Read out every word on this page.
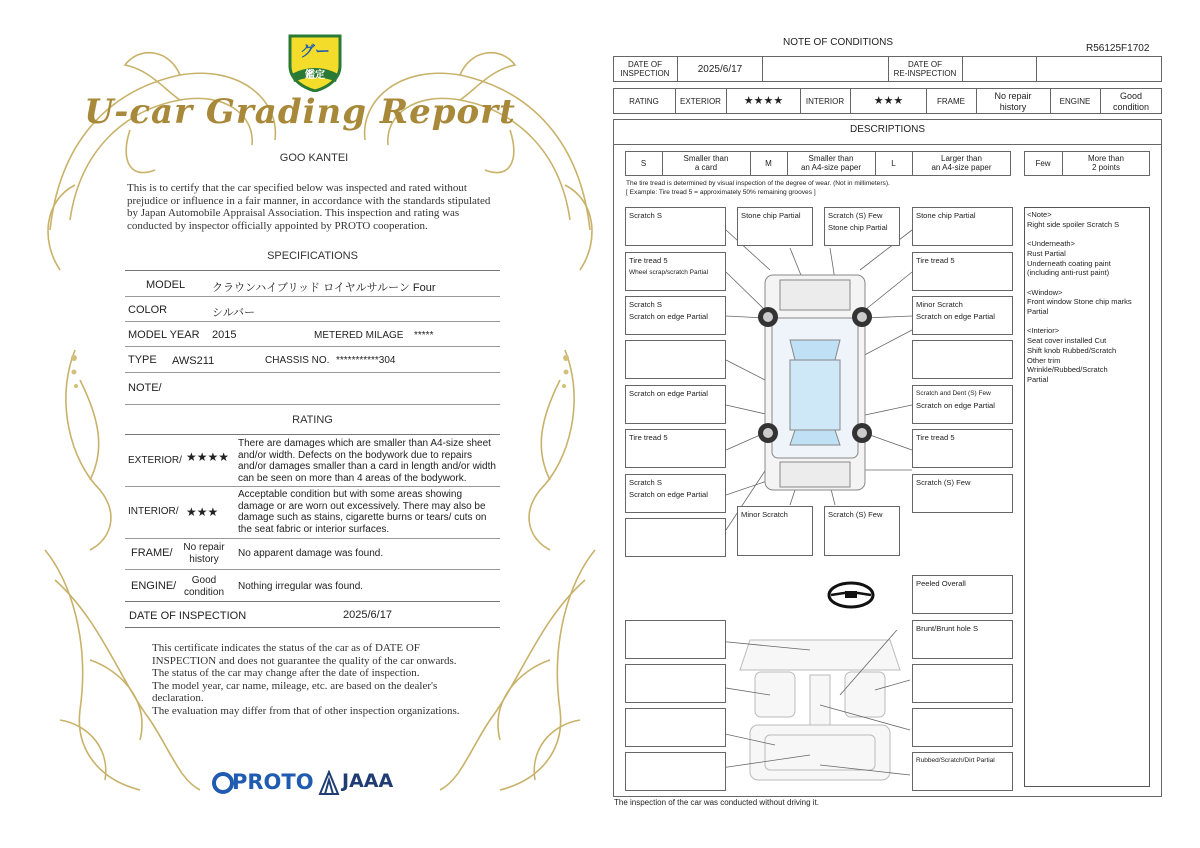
グー
鑑定
U-car Grading Report
GOO KANTEI
This is to certify that the car specified below was inspected and rated without prejudice or influence in a fair manner, in accordance with the standards stipulated by Japan Automobile Appraisal Association. This inspection and rating was conducted by inspector officially appointed by PROTO cooperation.
SPECIFICATIONS
MODEL クラウンハイブリッド ロイヤルサルーン Four
COLOR	シルバー
MODEL YEAR 2015	METERED MILAGE *****
TYPE AWS211	CHASSIS NO. ***********304
NOTE/
RATING
EXTERIOR/ ★★★★
There are damages which are smaller than A4-size sheet and/or width. Defects on the bodywork due to repairs and/or damages smaller than a card in length and/or width can be seen on more than 4 areas of the bodywork.
INTERIOR/ ★★★
Acceptable condition but with some areas showing damage or are worn out excessively. There may also be damage such as stains, cigarette burns or tears/ cuts on the seat fabric or interior surfaces.
FRAME/	No repair
history
No apparent damage was found.
ENGINE/	Good
condition
Nothing irregular was found.
DATE OF INSPECTION	2025/6/17
This certificate indicates the status of the car as of DATE OF
INSPECTION and does not guarantee the quality of the car onwards.
The status of the car may change after the date of inspection.
The model year, car name, mileage, etc. are based on the dealer's
declaration.
The evaluation may differ from that of other inspection organizations.
PROTO JAAA
NOTE OF CONDITIONS
R56125F1702
DATE OF
INSPECTION	2025/6/17	DATE OF
RE-INSPECTION
RATING	EXTERIOR	★★★★	INTERIOR	★★★	FRAME
No repair
history	ENGINE
Good
condition
DESCRIPTIONS
S
Smaller than
a card	M
Smaller than
an A4-size paper	L
Larger than
an A4-size paper	Few
More than
2 points
The tire tread is determined by visual inspection of the degree of wear. (Not in millimeters).
[ Example: Tire tread 5 = approximately 50% remaining grooves ]
<Note>
Right side spoiler Scratch S

<Underneath>
Rust Partial
Underneath coating paint
(including anti-rust paint)

<Window>
Front window Stone chip marks
Partial

<Interior>
Seat cover installed Cut
Shift knob Rubbed/Scratch
Other trim
Wrinkle/Rubbed/Scratch
Partial
Scratch S
Tire tread 5
Wheel scrap/scratch Partial
Scratch S
Scratch on edge Partial
Scratch on edge Partial
Tire tread 5
Scratch S
Scratch on edge Partial
Stone chip Partial	Scratch (S) Few
Stone chip Partial
Stone chip Partial
Tire tread 5
Minor Scratch
Scratch on edge Partial
Scratch and Dent (S) Few
Scratch on edge Partial
Tire tread 5
Scratch (S) Few
Minor Scratch	Scratch (S) Few
Peeled Overall
Brunt/Brunt hole S
Rubbed/Scratch/Dirt Partial
The inspection of the car was conducted without driving it.
